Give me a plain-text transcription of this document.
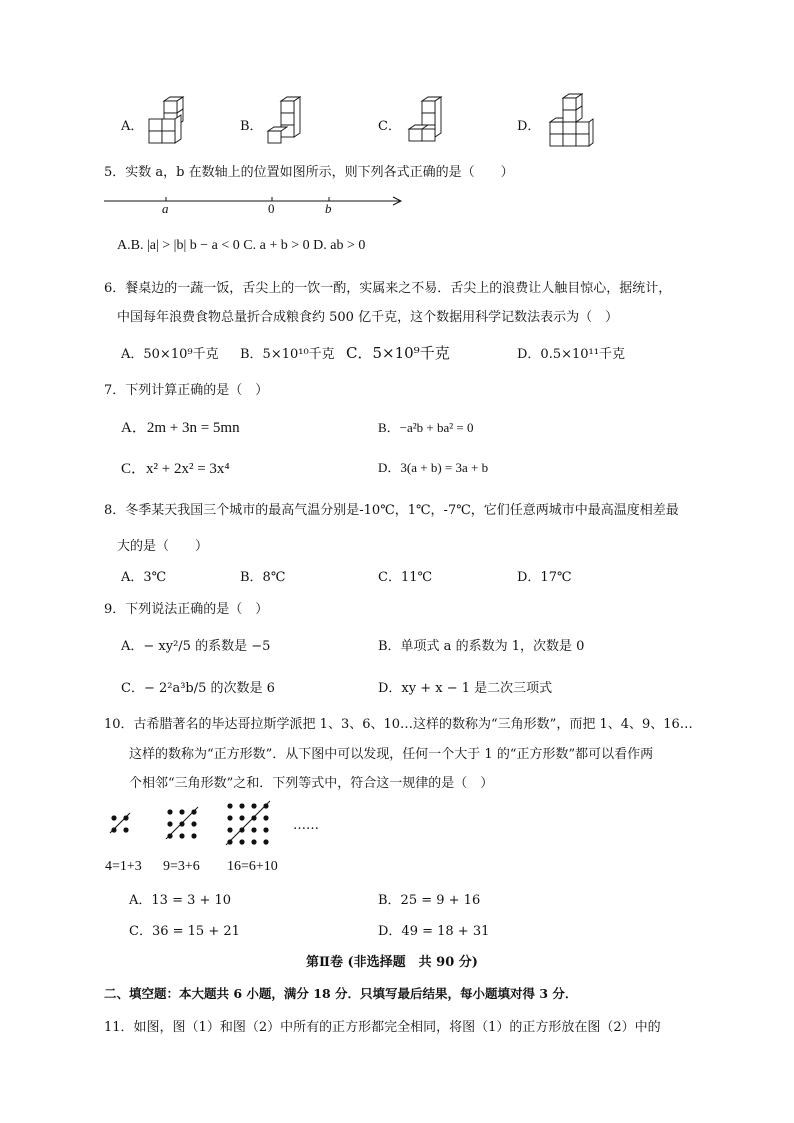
A．	B．	C．	D．
5．实数 a，b 在数轴上的位置如图所示，则下列各式正确的是（　　）
a	0	b
A.B. |a| > |b| b − a < 0 C. a + b > 0 D. ab > 0
6．餐桌边的一蔬一饭，舌尖上的一饮一酌，实属来之不易．舌尖上的浪费让人触目惊心，据统计，
中国每年浪费食物总量折合成粮食约 500 亿千克，这个数据用科学记数法表示为（　）
A．50×10⁹千克 B．5×10¹⁰千克 C．5×10⁹千克	D．0.5×10¹¹千克
7．下列计算正确的是（　）
A．2m + 3n = 5mn	B．−a²b + ba² = 0
C．x² + 2x² = 3x⁴	D．3(a + b) = 3a + b
8．冬季某天我国三个城市的最高气温分别是-10℃，1℃，-7℃，它们任意两城市中最高温度相差最
大的是（　　）
A．3℃	B．8℃	C．11℃	D．17℃
9．下列说法正确的是（　）
A．− xy²/5 的系数是 −5	B．单项式 a 的系数为 1，次数是 0
C．− 2²a³b/5 的次数是 6	D．xy + x − 1 是二次三项式
10．古希腊著名的毕达哥拉斯学派把 1、3、6、10…这样的数称为“三角形数”，而把 1、4、9、16…
这样的数称为“正方形数”．从下图中可以发现，任何一个大于 1 的“正方形数”都可以看作两
个相邻“三角形数”之和．下列等式中，符合这一规律的是（　）
……
4=1+3 9=3+6 16=6+10
A．13 = 3 + 10	B．25 = 9 + 16
C．36 = 15 + 21	D．49 = 18 + 31
第Ⅱ卷 (非选择题　共 90 分)
二、填空题：本大题共 6 小题，满分 18 分．只填写最后结果，每小题填对得 3 分．
11．如图，图（1）和图（2）中所有的正方形都完全相同，将图（1）的正方形放在图（2）中的
